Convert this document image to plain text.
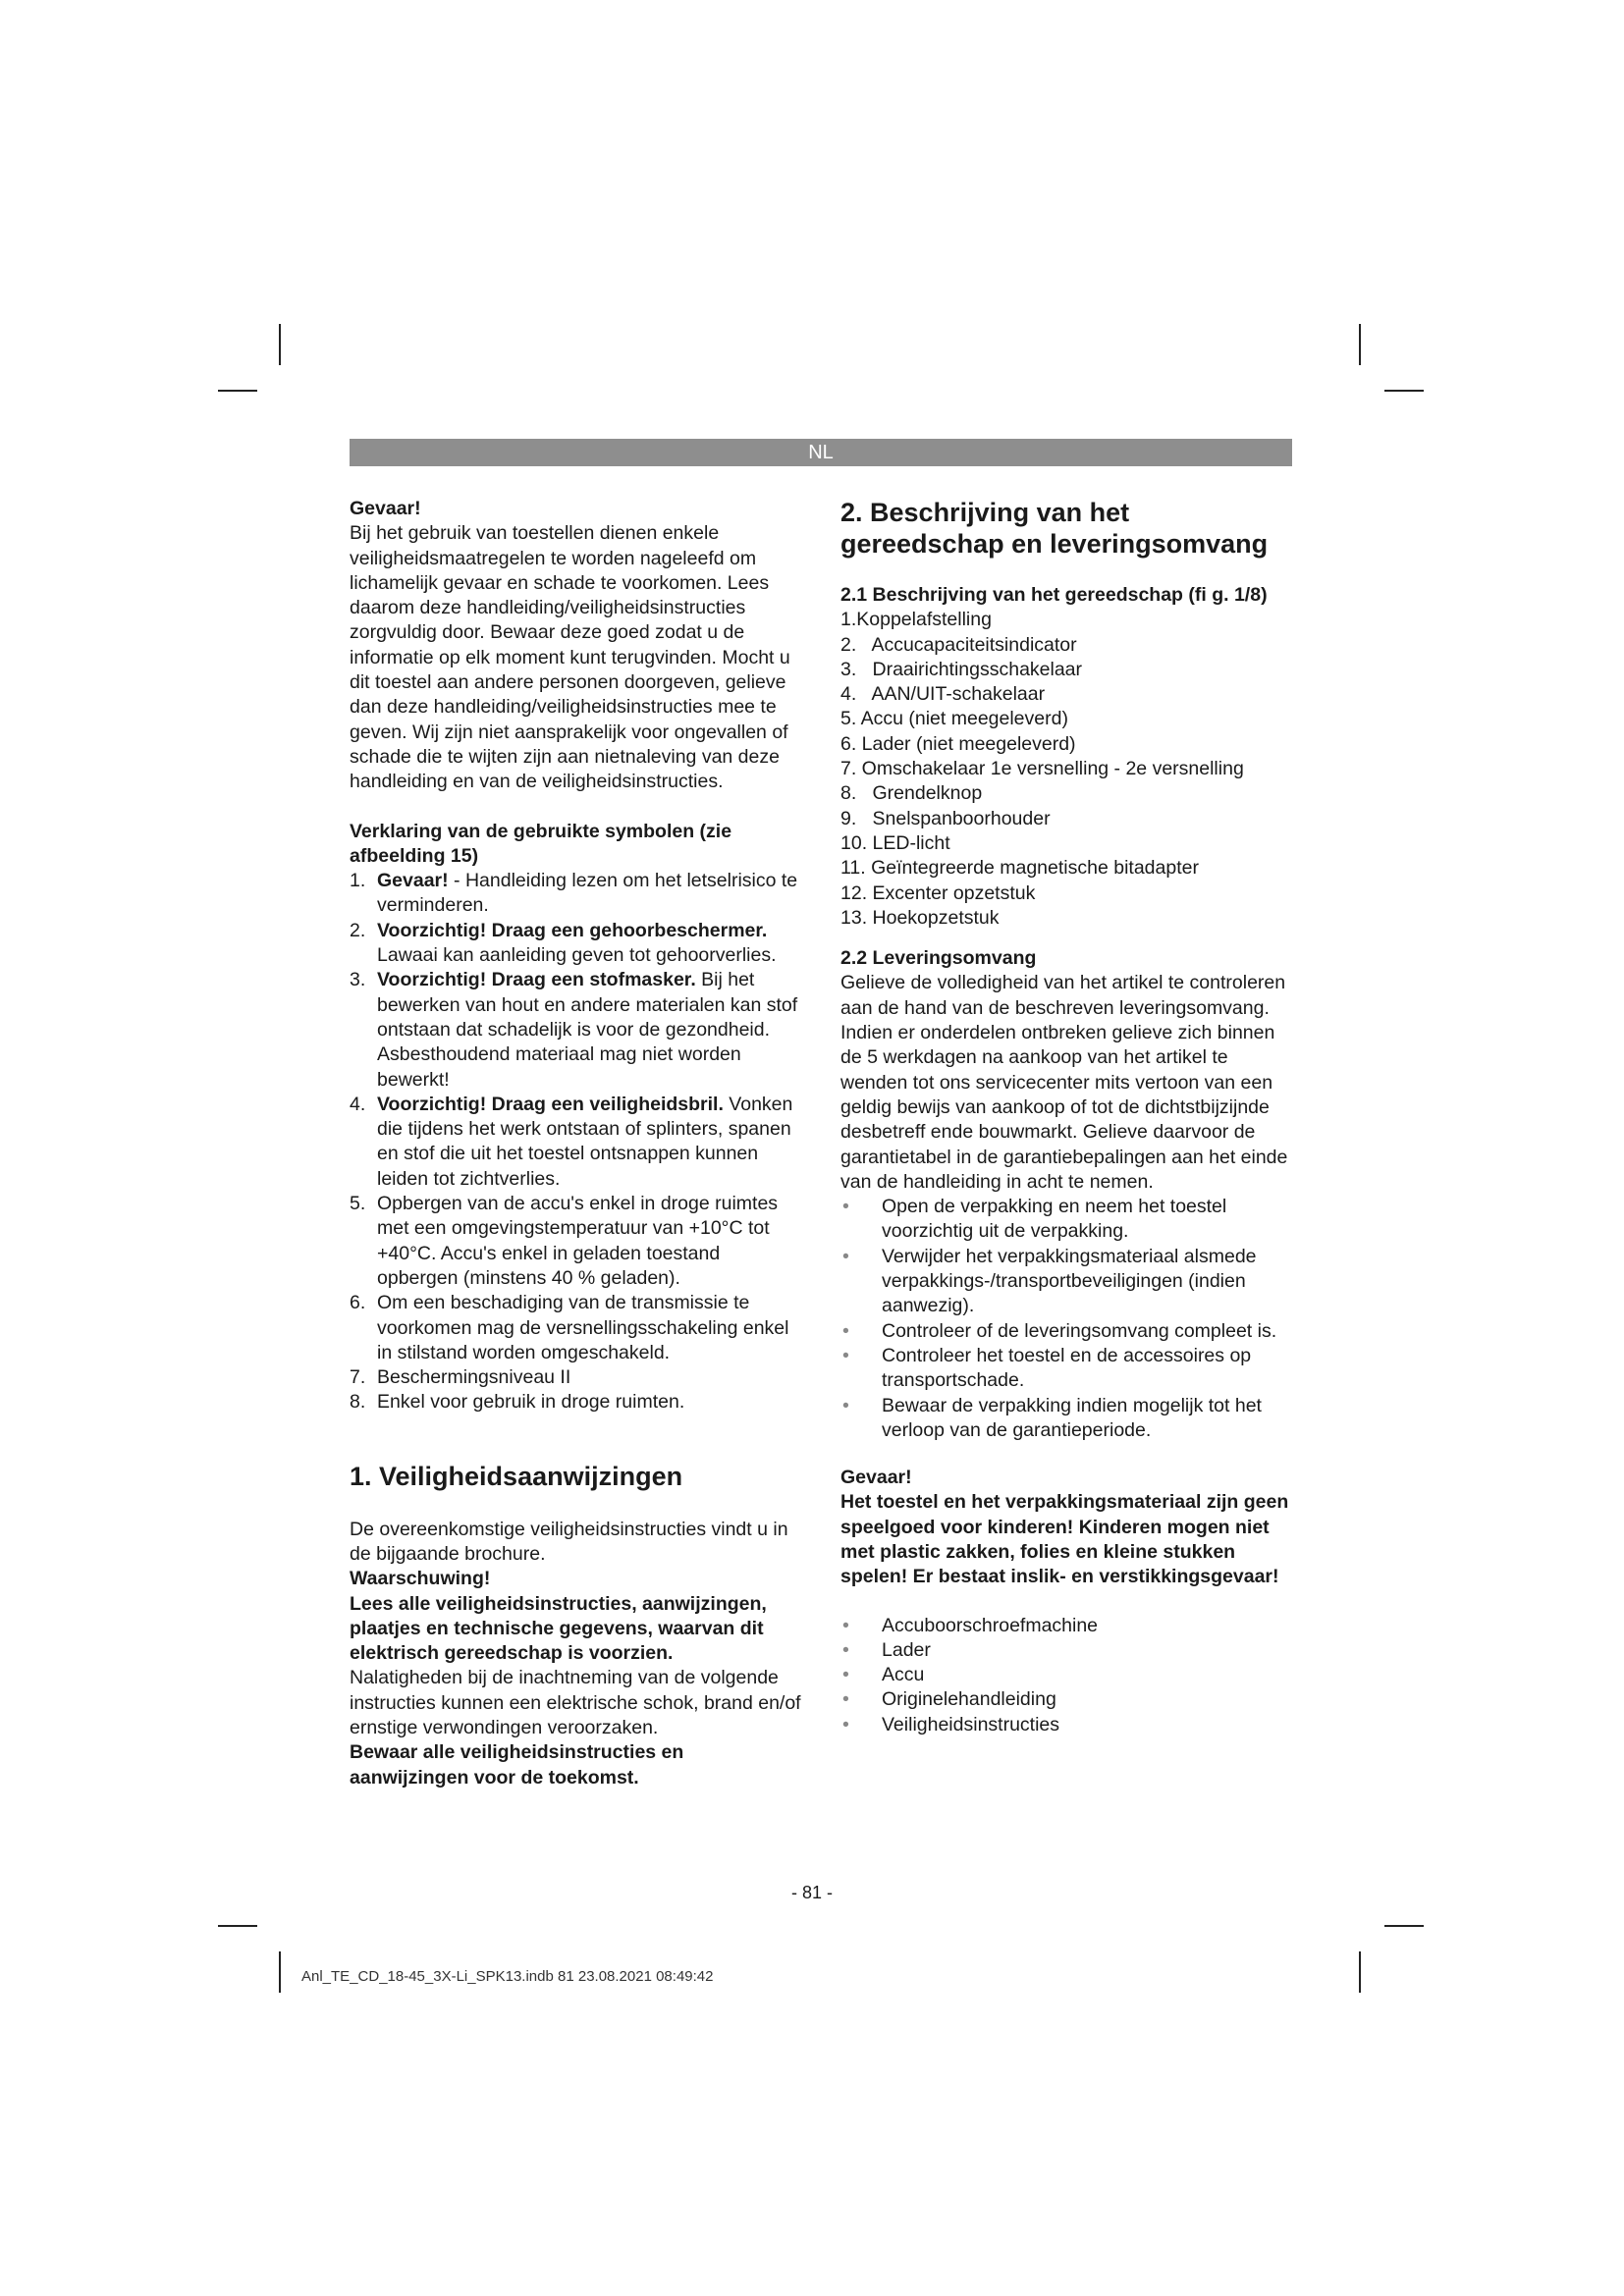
NL

Gevaar!

Bij het gebruik van toestellen dienen enkele veiligheidsmaatregelen te worden nageleefd om lichamelijk gevaar en schade te voorkomen. Lees daarom deze handleiding/veiligheidsinstructies zorgvuldig door. Bewaar deze goed zodat u de informatie op elk moment kunt terugvinden. Mocht u dit toestel aan andere personen doorgeven, gelieve dan deze handleiding/veiligheidsinstructies mee te geven. Wij zijn niet aansprakelijk voor ongevallen of schade die te wijten zijn aan nietnaleving van deze handleiding en van de veiligheidsinstructies.

Verklaring van de gebruikte symbolen (zie afbeelding 15)

1. Gevaar! - Handleiding lezen om het letselrisico te verminderen.

2. Voorzichtig! Draag een gehoorbeschermer. Lawaai kan aanleiding geven tot gehoorverlies.

3. Voorzichtig! Draag een stofmasker. Bij het bewerken van hout en andere materialen kan stof ontstaan dat schadelijk is voor de gezondheid. Asbesthoudend materiaal mag niet worden bewerkt!

4. Voorzichtig! Draag een veiligheidsbril. Vonken die tijdens het werk ontstaan of splinters, spanen en stof die uit het toestel ontsnappen kunnen leiden tot zichtverlies.

5. Opbergen van de accu's enkel in droge ruimtes met een omgevingstemperatuur van +10°C tot +40°C. Accu's enkel in geladen toestand opbergen (minstens 40 % geladen).

6. Om een beschadiging van de transmissie te voorkomen mag de versnellingsschakeling enkel in stilstand worden omgeschakeld.

7. Beschermingsniveau II

8. Enkel voor gebruik in droge ruimten.

1. Veiligheidsaanwijzingen

De overeenkomstige veiligheidsinstructies vindt u in de bijgaande brochure.

Waarschuwing!

Lees alle veiligheidsinstructies, aanwijzingen, plaatjes en technische gegevens, waarvan dit elektrisch gereedschap is voorzien.

Nalatigheden bij de inachtneming van de volgende instructies kunnen een elektrische schok, brand en/of ernstige verwondingen veroorzaken.

Bewaar alle veiligheidsinstructies en aanwijzingen voor de toekomst.

2. Beschrijving van het gereedschap en leveringsomvang

2.1 Beschrijving van het gereedschap (fi g. 1/8)

1.Koppelafstelling

2.   Accucapaciteitsindicator

3.   Draairichtingsschakelaar

4.   AAN/UIT-schakelaar

5. Accu (niet meegeleverd)

6. Lader (niet meegeleverd)

7. Omschakelaar 1e versnelling - 2e versnelling

8.   Grendelknop

9.   Snelspanboorhouder

10. LED-licht

11. Geïntegreerde magnetische bitadapter

12. Excenter opzetstuk

13. Hoekopzetstuk

2.2 Leveringsomvang

Gelieve de volledigheid van het artikel te controleren aan de hand van de beschreven leveringsomvang. Indien er onderdelen ontbreken gelieve zich binnen de 5 werkdagen na aankoop van het artikel te wenden tot ons servicecenter mits vertoon van een geldig bewijs van aankoop of tot de dichtstbijzijnde desbetreff ende bouwmarkt. Gelieve daarvoor de garantietabel in de garantiebepalingen aan het einde van de handleiding in acht te nemen.

• Open de verpakking en neem het toestel voorzichtig uit de verpakking.

• Verwijder het verpakkingsmateriaal alsmede verpakkings-/transportbeveiligingen (indien aanwezig).

• Controleer of de leveringsomvang compleet is.

• Controleer het toestel en de accessoires op transportschade.

• Bewaar de verpakking indien mogelijk tot het verloop van de garantieperiode.

Gevaar!

Het toestel en het verpakkingsmateriaal zijn geen speelgoed voor kinderen! Kinderen mogen niet met plastic zakken, folies en kleine stukken spelen! Er bestaat inslik- en verstikkingsgevaar!

• Accuboorschroefmachine

• Lader

• Accu

• Originelehandleiding

• Veiligheidsinstructies

- 81 -
Anl_TE_CD_18-45_3X-Li_SPK13.indb 81 23.08.2021 08:49:42
